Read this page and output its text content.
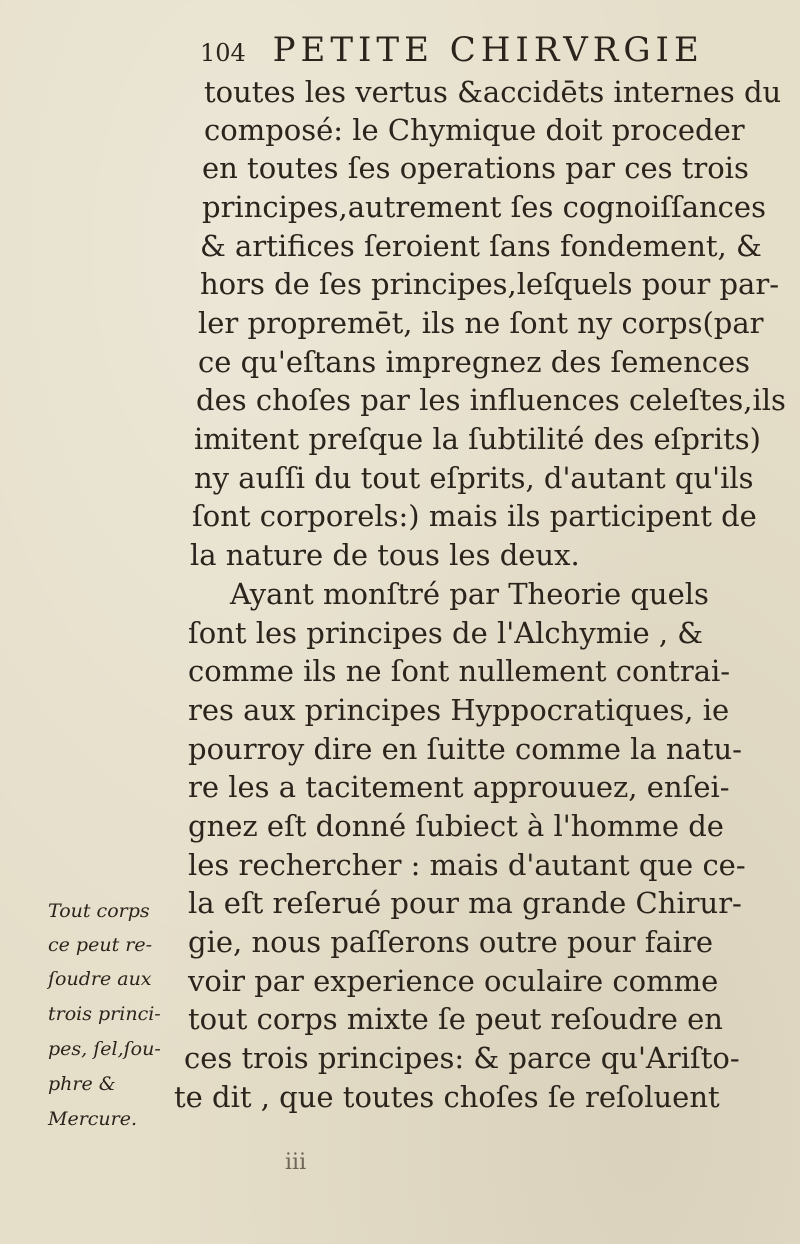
104 PETITE CHIRVRGIE
toutes les vertus &accidēts internes du
composé: le Chymique doit proceder
en toutes ſes operations par ces trois
principes,autrement ſes cognoiſſances
& artifices ſeroient ſans fondement, &
hors de ſes principes,leſquels pour par-
ler propremēt, ils ne ſont ny corps(par
ce qu'eſtans impregnez des ſemences
des choſes par les influences celeſtes,ils
imitent preſque la ſubtilité des eſprits)
ny auſſi du tout eſprits, d'autant qu'ils
ſont corporels:) mais ils participent de
la nature de tous les deux.
Ayant monſtré par Theorie quels
ſont les principes de l'Alchymie , &
comme ils ne ſont nullement contrai-
res aux principes Hyppocratiques, ie
pourroy dire en ſuitte comme la natu-
re les a tacitement approuuez, enſei-
gnez eſt donné ſubiect à l'homme de
les rechercher : mais d'autant que ce-
la eſt reſerué pour ma grande Chirur-
gie, nous paſſerons outre pour faire
voir par experience oculaire comme
tout corps mixte ſe peut reſoudre en
ces trois principes: & parce qu'Ariſto-
te dit , que toutes choſes ſe reſoluent
Tout corps
ce peut re-
ſoudre aux
trois princi-
pes, ſel,ſou-
phre &
Mercure.
iii
